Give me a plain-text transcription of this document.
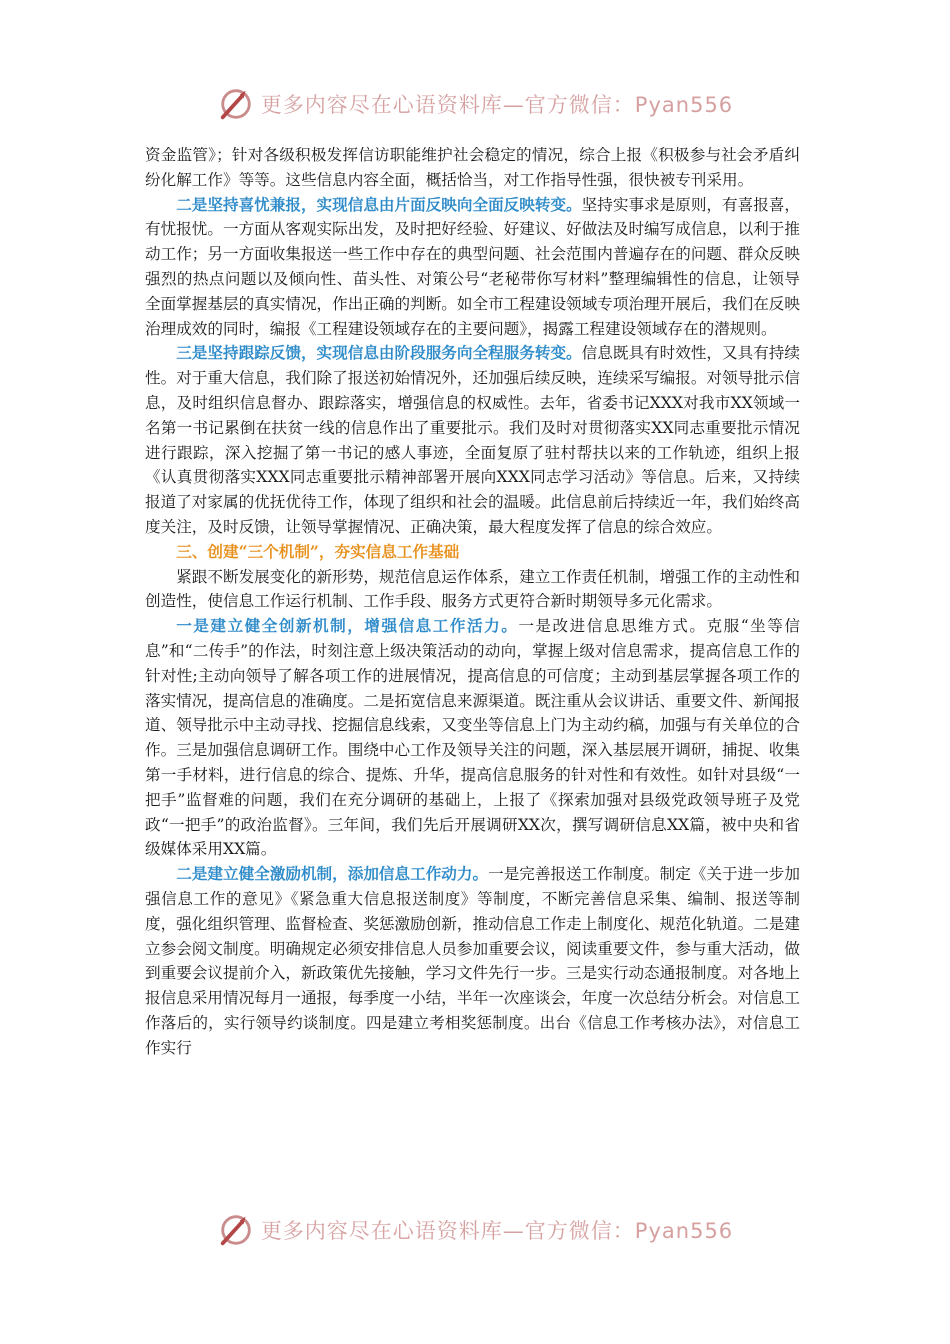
更多内容尽在心语资料库—官方微信：Pyan556

资金监管》；针对各级积极发挥信访职能维护社会稳定的情况，综合上报《积极参与社会矛盾纠纷化解工作》等等。这些信息内容全面，概括恰当，对工作指导性强，很快被专刊采用。

二是坚持喜忧兼报，实现信息由片面反映向全面反映转变。坚持实事求是原则，有喜报喜，有忧报忧。一方面从客观实际出发，及时把好经验、好建议、好做法及时编写成信息，以利于推动工作；另一方面收集报送一些工作中存在的典型问题、社会范围内普遍存在的问题、群众反映强烈的热点问题以及倾向性、苗头性、对策公号“老秘带你写材料”整理编辑性的信息，让领导全面掌握基层的真实情况，作出正确的判断。如全市工程建设领域专项治理开展后，我们在反映治理成效的同时，编报《工程建设领域存在的主要问题》，揭露工程建设领域存在的潜规则。

三是坚持跟踪反馈，实现信息由阶段服务向全程服务转变。信息既具有时效性，又具有持续性。对于重大信息，我们除了报送初始情况外，还加强后续反映，连续采写编报。对领导批示信息，及时组织信息督办、跟踪落实，增强信息的权威性。去年，省委书记XXX对我市XX领域一名第一书记累倒在扶贫一线的信息作出了重要批示。我们及时对贯彻落实XX同志重要批示情况进行跟踪，深入挖掘了第一书记的感人事迹，全面复原了驻村帮扶以来的工作轨迹，组织上报《认真贯彻落实XXX同志重要批示精神部署开展向XXX同志学习活动》等信息。后来，又持续报道了对家属的优抚优待工作，体现了组织和社会的温暖。此信息前后持续近一年，我们始终高度关注，及时反馈，让领导掌握情况、正确决策，最大程度发挥了信息的综合效应。

三、创建“三个机制”，夯实信息工作基础

紧跟不断发展变化的新形势，规范信息运作体系，建立工作责任机制，增强工作的主动性和创造性，使信息工作运行机制、工作手段、服务方式更符合新时期领导多元化需求。

一是建立健全创新机制，增强信息工作活力。一是改进信息思维方式。克服“坐等信息”和“二传手”的作法，时刻注意上级决策活动的动向，掌握上级对信息需求，提高信息工作的针对性;主动向领导了解各项工作的进展情况，提高信息的可信度；主动到基层掌握各项工作的落实情况，提高信息的准确度。二是拓宽信息来源渠道。既注重从会议讲话、重要文件、新闻报道、领导批示中主动寻找、挖掘信息线索，又变坐等信息上门为主动约稿，加强与有关单位的合作。三是加强信息调研工作。围绕中心工作及领导关注的问题，深入基层展开调研，捕捉、收集第一手材料，进行信息的综合、提炼、升华，提高信息服务的针对性和有效性。如针对县级“一把手”监督难的问题，我们在充分调研的基础上，上报了《探索加强对县级党政领导班子及党政“一把手”的政治监督》。三年间，我们先后开展调研XX次，撰写调研信息XX篇，被中央和省级媒体采用XX篇。

二是建立健全激励机制，添加信息工作动力。一是完善报送工作制度。制定《关于进一步加强信息工作的意见》《紧急重大信息报送制度》等制度，不断完善信息采集、编制、报送等制度，强化组织管理、监督检查、奖惩激励创新，推动信息工作走上制度化、规范化轨道。二是建立参会阅文制度。明确规定必须安排信息人员参加重要会议，阅读重要文件，参与重大活动，做到重要会议提前介入，新政策优先接触，学习文件先行一步。三是实行动态通报制度。对各地上报信息采用情况每月一通报，每季度一小结，半年一次座谈会，年度一次总结分析会。对信息工作落后的，实行领导约谈制度。四是建立考相奖惩制度。出台《信息工作考核办法》，对信息工作实行

更多内容尽在心语资料库—官方微信：Pyan556
